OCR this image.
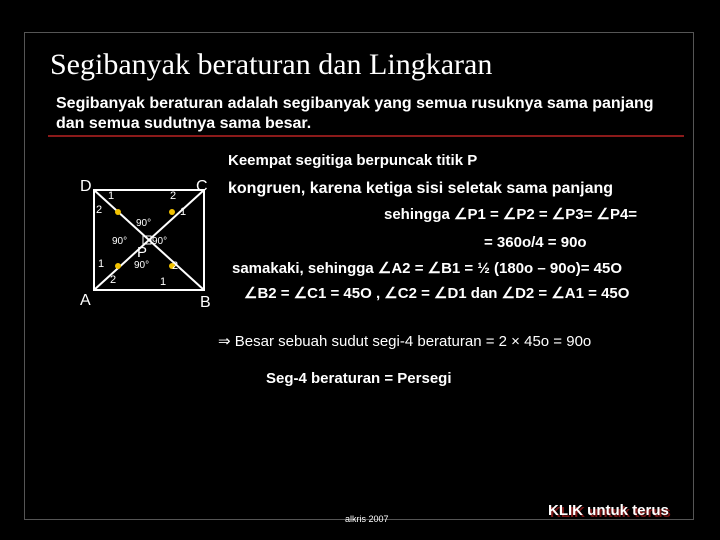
Segibanyak beraturan dan Lingkaran
Segibanyak beraturan adalah segibanyak yang semua rusuknya sama panjang dan semua sudutnya sama besar.
D	C
A	B
P
1
2
2
1
1
2
2
1
90°
90° 90°
90°
Keempat segitiga berpuncak titik P
kongruen, karena ketiga sisi seletak sama panjang
sehingga ∠P1 = ∠P2 = ∠P3= ∠P4=
= 360o/4 = 90o
samakaki, sehingga ∠A2 = ∠B1 = ½ (180o – 90o)= 45O
∠B2 = ∠C1 = 45O , ∠C2 = ∠D1 dan ∠D2 = ∠A1 = 45O
⇒ Besar sebuah sudut segi-4 beraturan = 2 × 45o = 90o
Seg-4 beraturan = Persegi
alkris 2007	KLIK untuk terus
